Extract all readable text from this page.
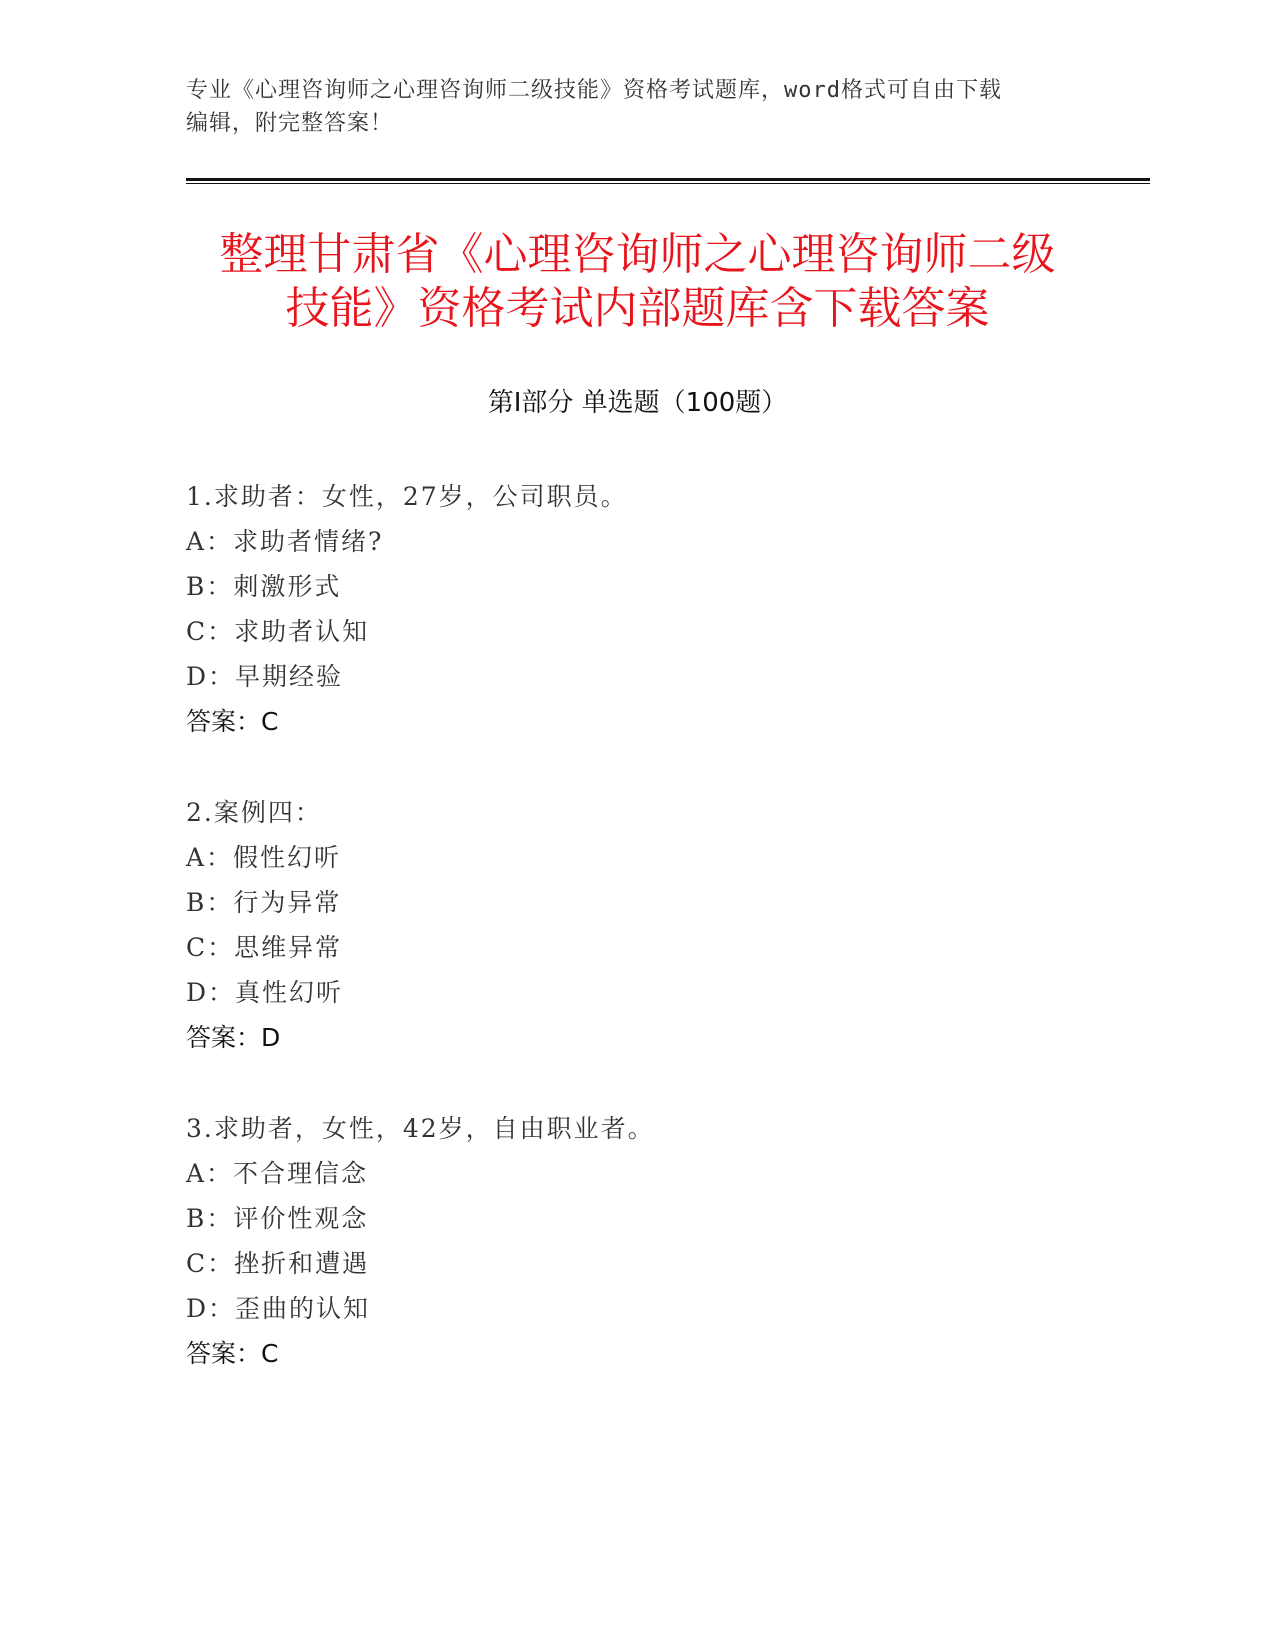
专业《心理咨询师之心理咨询师二级技能》资格考试题库，word格式可自由下载
编辑，附完整答案！
整理甘肃省《心理咨询师之心理咨询师二级
技能》资格考试内部题库含下载答案
第Ⅰ部分 单选题（100题）
1.求助者：女性，27岁，公司职员。
A：求助者情绪?
B：刺激形式
C：求助者认知
D：早期经验
答案：C
2.案例四：
A：假性幻听
B：行为异常
C：思维异常
D：真性幻听
答案：D
3.求助者，女性，42岁，自由职业者。
A：不合理信念
B：评价性观念
C：挫折和遭遇
D：歪曲的认知
答案：C
